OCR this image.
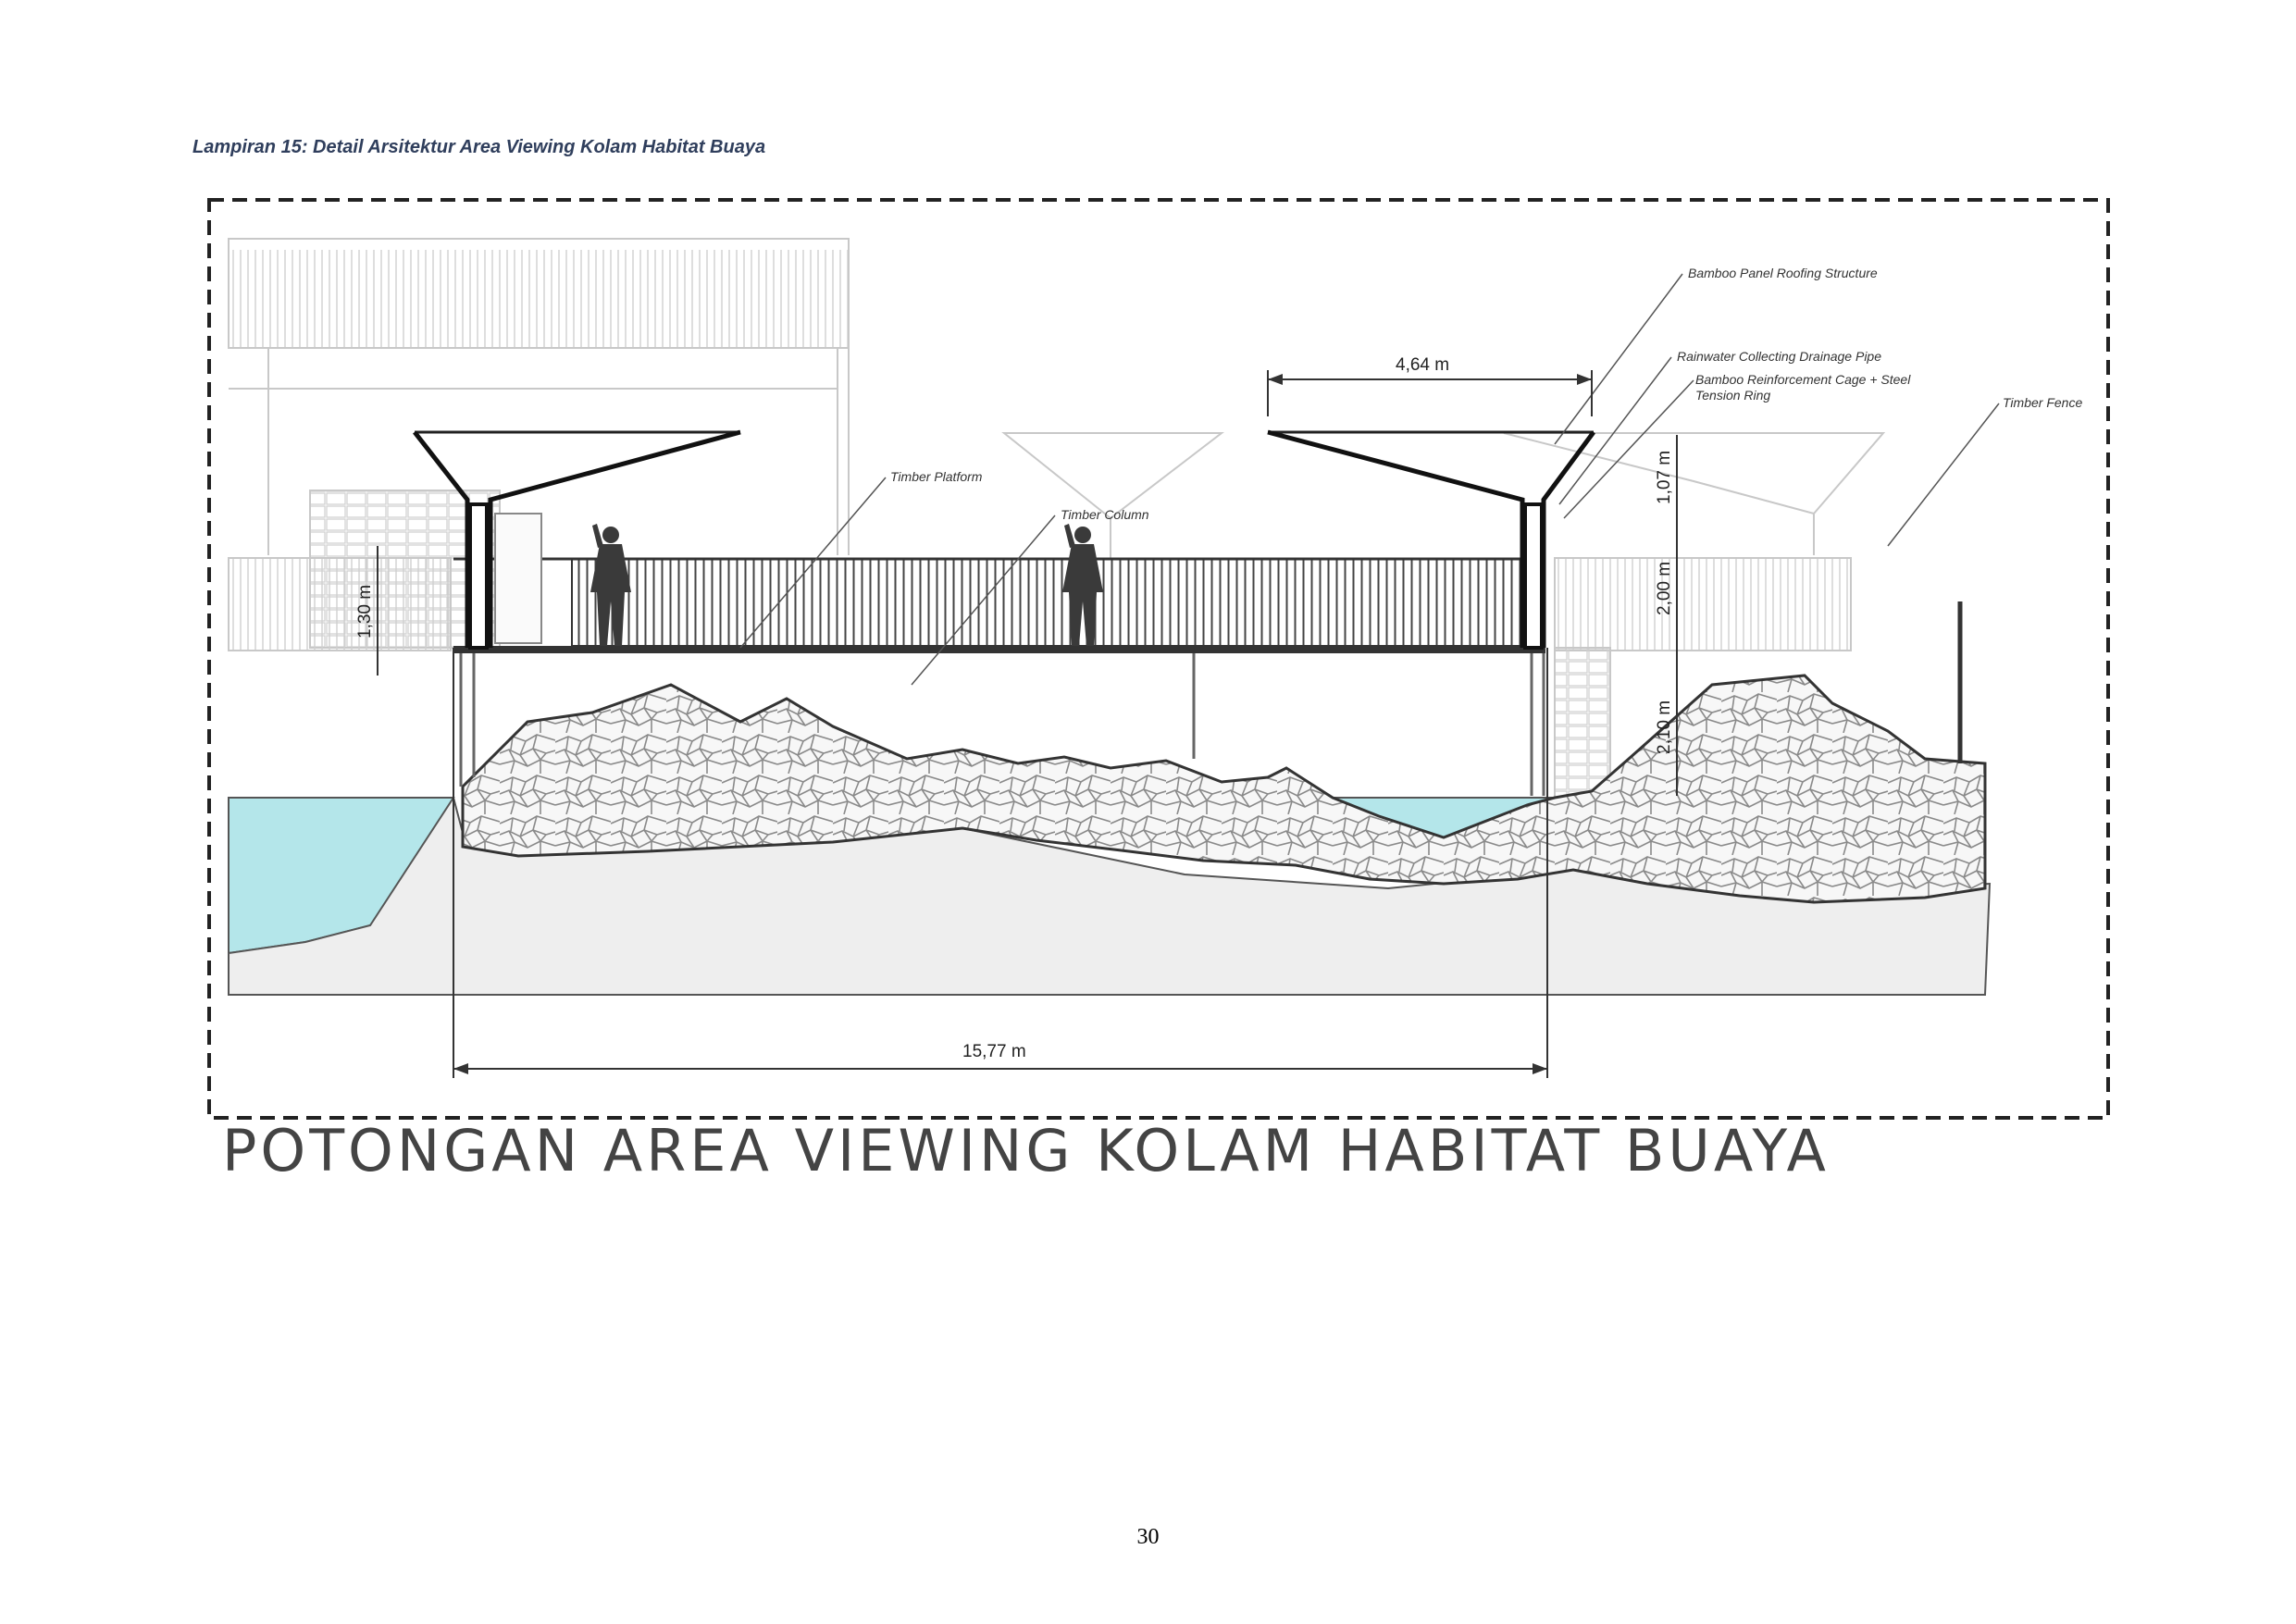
Lampiran 15: Detail Arsitektur Area Viewing Kolam Habitat Buaya

Bamboo Panel Roofing Structure
Rainwater Collecting Drainage Pipe
Bamboo Reinforcement Cage + Steel
Tension Ring	Timber Fence
Timber Platform
Timber Column
4,64 m
1,07 m
2,00 m
2,10 m
1,30 m
15,77 m
POTONGAN AREA VIEWING KOLAM HABITAT BUAYA
30
